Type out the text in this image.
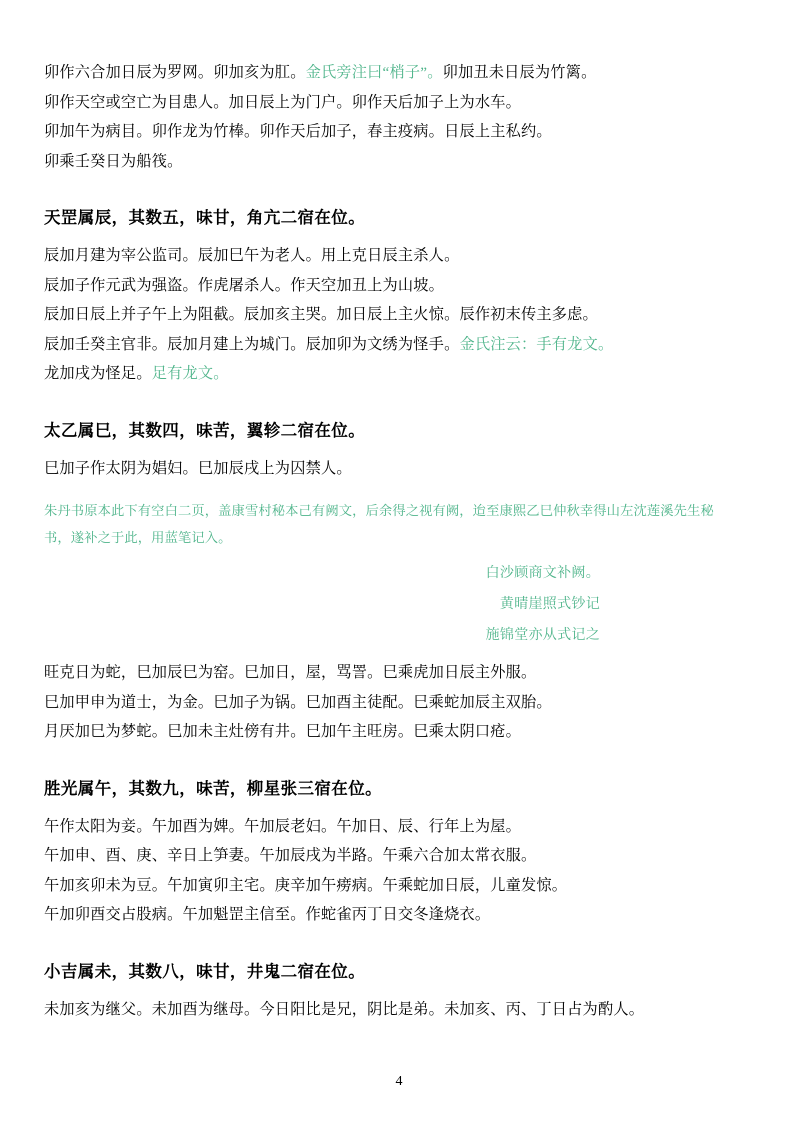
卯作六合加日辰为罗网。卯加亥为肛。金氏旁注曰“梢子”。卯加丑未日辰为竹篱。
卯作天空或空亡为目患人。加日辰上为门户。卯作天后加子上为水车。
卯加午为病目。卯作龙为竹棒。卯作天后加子，春主疫病。日辰上主私约。
卯乘壬癸日为船筏。
天罡属辰，其数五，味甘，角亢二宿在位。
辰加月建为宰公监司。辰加巳午为老人。用上克日辰主杀人。
辰加子作元武为强盗。作虎屠杀人。作天空加丑上为山坡。
辰加日辰上并子午上为阻截。辰加亥主哭。加日辰上主火惊。辰作初末传主多虑。
辰加壬癸主官非。辰加月建上为城门。辰加卯为文绣为怪手。金氏注云：手有龙文。
龙加戌为怪足。足有龙文。
太乙属巳，其数四，味苦，翼轸二宿在位。
巳加子作太阴为娼妇。巳加辰戌上为囚禁人。
朱丹书原本此下有空白二页，盖康雪村秘本己有阙文，后余得之视有阙，迨至康熙乙巳仲秋幸得山左沈莲溪先生秘书，遂补之于此，用蓝笔记入。
白沙顾商文补阙。
黄晴崖照式钞记
施锦堂亦从式记之
旺克日为蛇，巳加辰巳为窑。巳加日，屋，骂詈。巳乘虎加日辰主外服。
巳加甲申为道士，为金。巳加子为锅。巳加酉主徒配。巳乘蛇加辰主双胎。
月厌加巳为梦蛇。巳加未主灶傍有井。巳加午主旺房。巳乘太阴口疮。
胜光属午，其数九，味苦，柳星张三宿在位。
午作太阳为妾。午加酉为婢。午加辰老妇。午加日、辰、行年上为屋。
午加申、酉、庚、辛日上笋妻。午加辰戌为半路。午乘六合加太常衣服。
午加亥卯未为豆。午加寅卯主宅。庚辛加午痨病。午乘蛇加日辰，儿童发惊。
午加卯酉交占股病。午加魁罡主信至。作蛇雀丙丁日交冬逢烧衣。
小吉属未，其数八，味甘，井鬼二宿在位。
未加亥为继父。未加酉为继母。今日阳比是兄，阴比是弟。未加亥、丙、丁日占为酌人。
4
